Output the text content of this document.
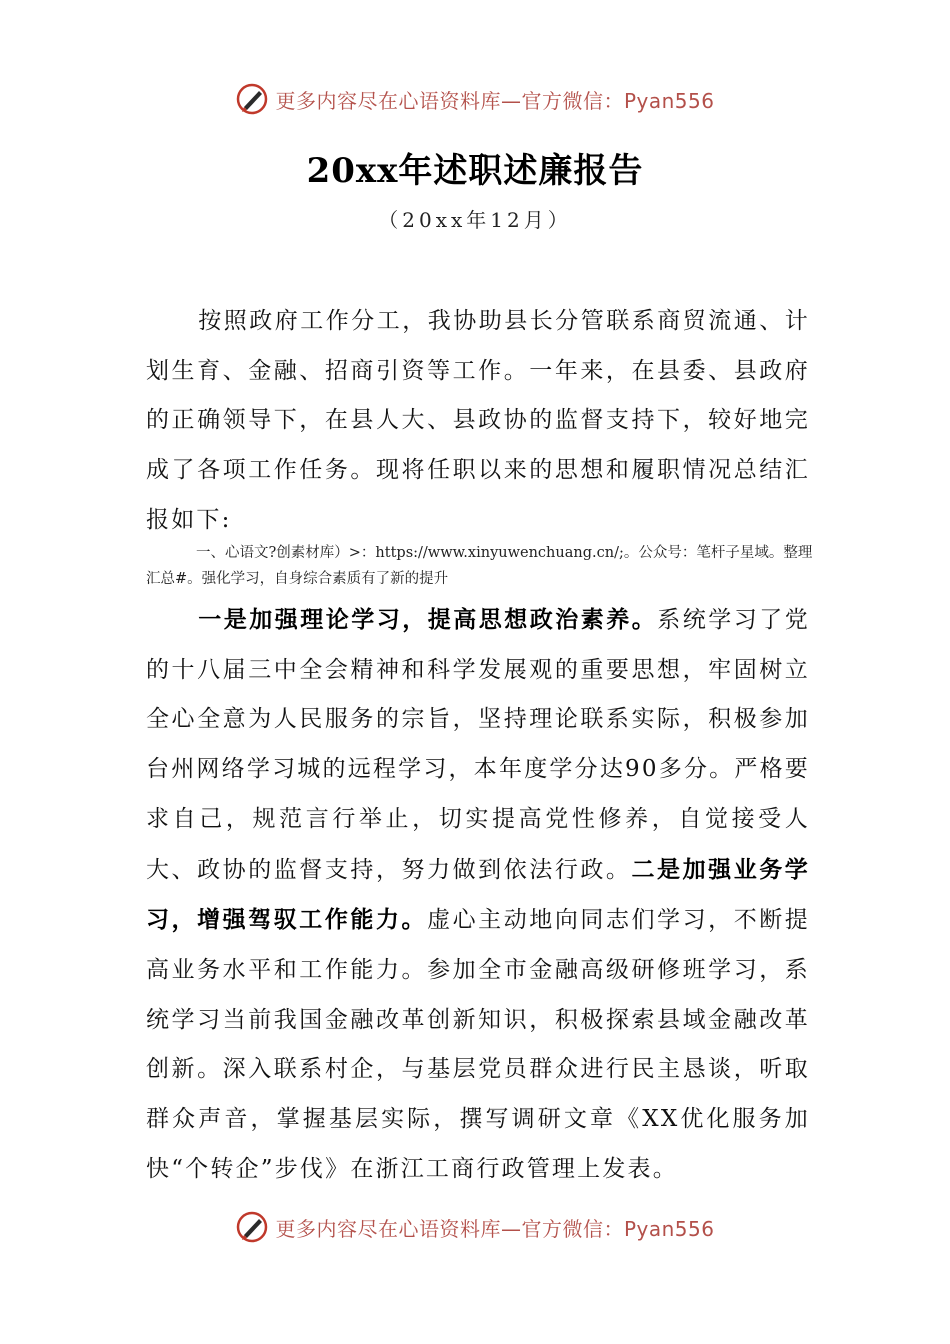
更多内容尽在心语资料库—官方微信：Pyan556
20xx年述职述廉报告
（20xx年12月）
按照政府工作分工，我协助县长分管联系商贸流通、计划生育、金融、招商引资等工作。一年来，在县委、县政府的正确领导下，在县人大、县政协的监督支持下，较好地完成了各项工作任务。现将任职以来的思想和履职情况总结汇报如下:
一、心语文?创素材库）>：https://www.xinyuwenchuang.cn/;。公众号：笔杆子星域。整理汇总#。强化学习，自身综合素质有了新的提升
一是加强理论学习，提高思想政治素养。系统学习了党的十八届三中全会精神和科学发展观的重要思想，牢固树立全心全意为人民服务的宗旨，坚持理论联系实际，积极参加台州网络学习城的远程学习，本年度学分达90多分。严格要求自己，规范言行举止，切实提高党性修养，自觉接受人大、政协的监督支持，努力做到依法行政。二是加强业务学习，增强驾驭工作能力。虚心主动地向同志们学习，不断提高业务水平和工作能力。参加全市金融高级研修班学习，系统学习当前我国金融改革创新知识，积极探索县域金融改革创新。深入联系村企，与基层党员群众进行民主恳谈，听取群众声音，掌握基层实际，撰写调研文章《XX优化服务加快“个转企”步伐》在浙江工商行政管理上发表。
更多内容尽在心语资料库—官方微信：Pyan556
